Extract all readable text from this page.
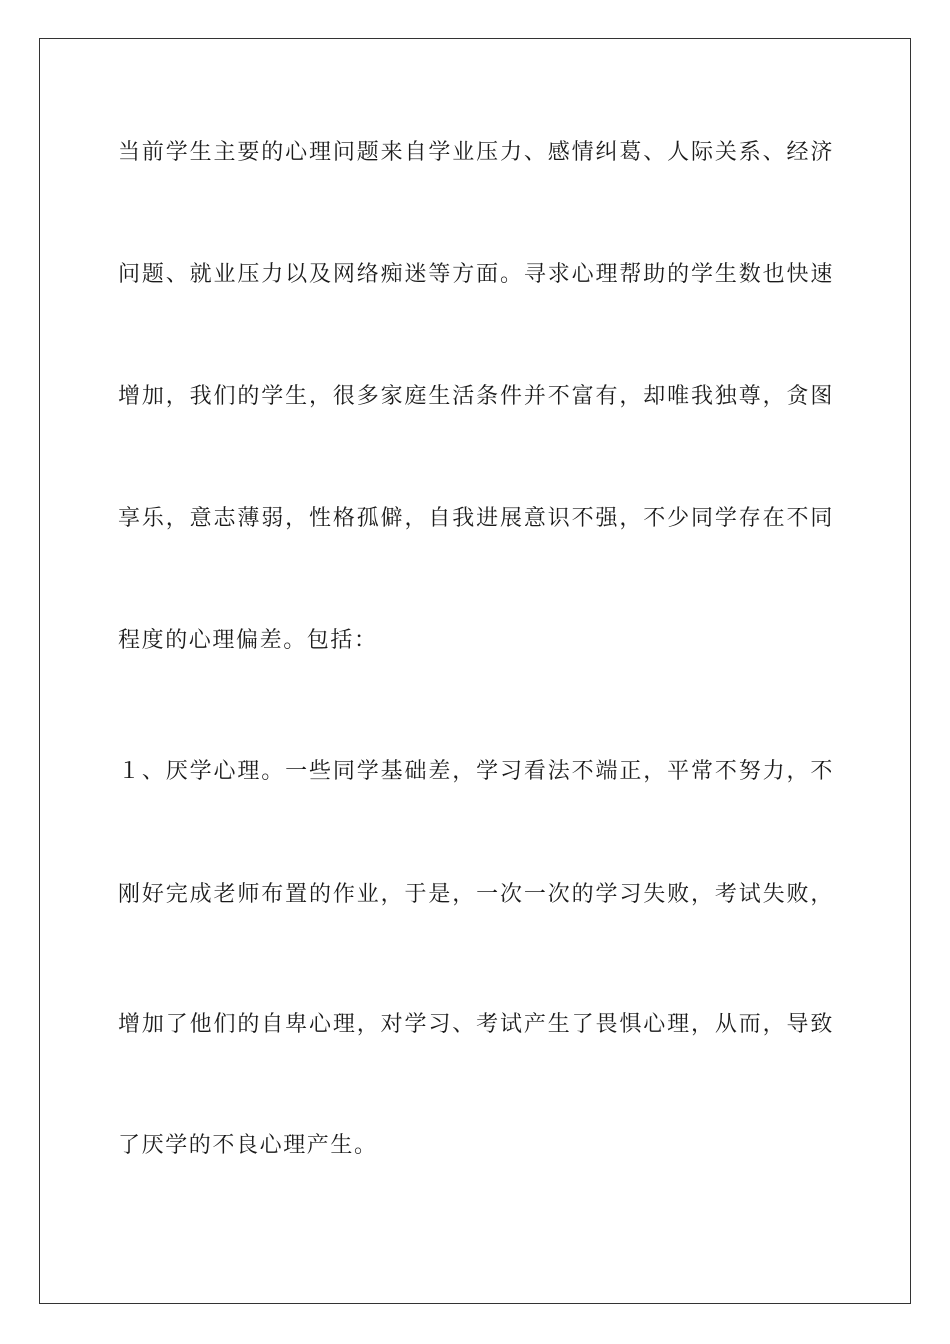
当前学生主要的心理问题来自学业压力、感情纠葛、人际关系、经济
问题、就业压力以及网络痴迷等方面。寻求心理帮助的学生数也快速
增加，我们的学生，很多家庭生活条件并不富有，却唯我独尊，贪图
享乐，意志薄弱，性格孤僻，自我进展意识不强，不少同学存在不同
程度的心理偏差。包括：
１、厌学心理。一些同学基础差，学习看法不端正，平常不努力，不
刚好完成老师布置的作业，于是，一次一次的学习失败，考试失败，
增加了他们的自卑心理，对学习、考试产生了畏惧心理，从而，导致
了厌学的不良心理产生。
